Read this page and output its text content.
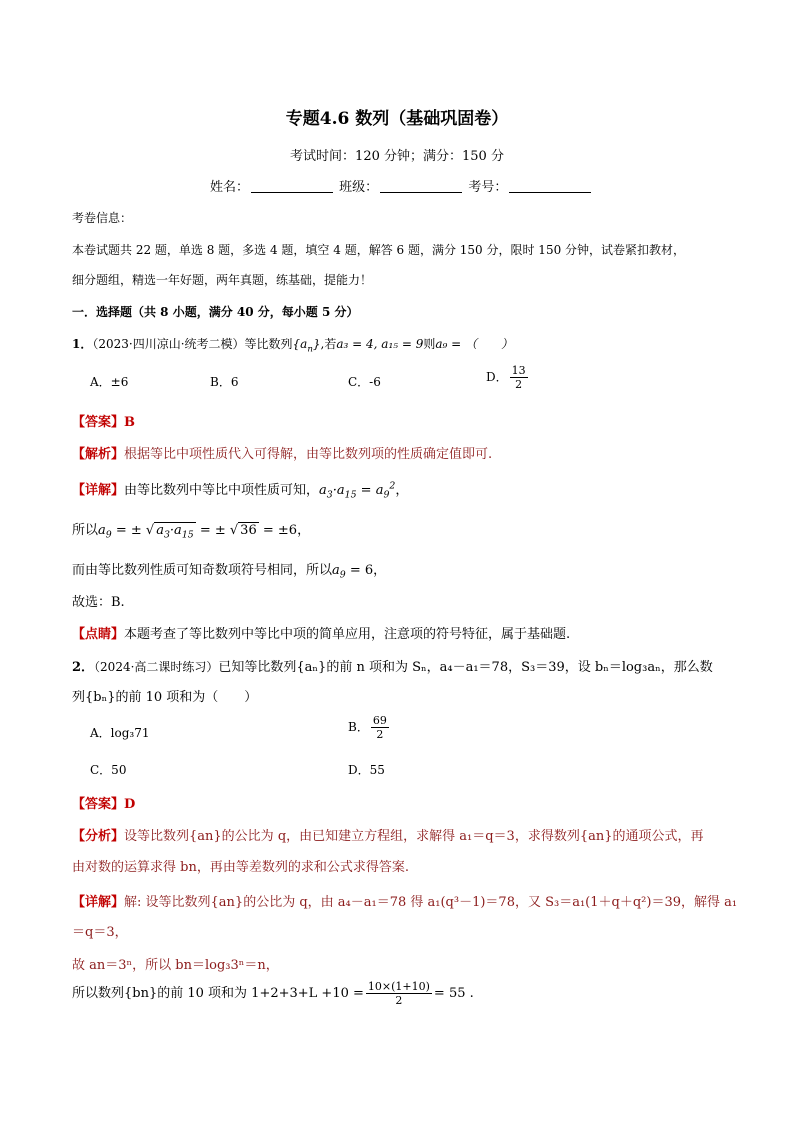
专题4.6 数列（基础巩固卷）
考试时间：120 分钟；满分：150 分
姓名：	班级：	考号：
考卷信息：
本卷试题共 22 题，单选 8 题，多选 4 题，填空 4 题，解答 6 题，满分 150 分，限时 150 分钟，试卷紧扣教材，
细分题组，精选一年好题，两年真题，练基础，提能力！
一．选择题（共 8 小题，满分 40 分，每小题 5 分）
1．（2023·四川凉山·统考二模）等比数列$\{a_n\}$,若a₃ = 4, a₁₅ = 9则a₉ = （　　）
A．±6	B．6	C．-6	D． $\frac{13}{2}$
【答案】B
【解析】根据等比中项性质代入可得解，由等比数列项的性质确定值即可.
【详解】由等比数列中等比中项性质可知，$a_3\cdot a_{15} = a_9^2$，
所以$a_9$ = ± √ $a_3\cdot a_{15}$ = ± √ 36 = ±6，
而由等比数列性质可知奇数项符号相同，所以$a_9 = 6$，
故选：B.
【点睛】本题考查了等比数列中等比中项的简单应用，注意项的符号特征，属于基础题.
2．（2024·高二课时练习）已知等比数列{aₙ}的前 n 项和为 Sₙ，a₄－a₁＝78，S₃＝39，设 bₙ＝log₃aₙ，那么数
列{bₙ}的前 10 项和为（　　）
A．log₃71	B． $\frac{69}{2}$
C．50	D．55
【答案】D
【分析】设等比数列{an}的公比为 q，由已知建立方程组，求解得 a₁＝q＝3，求得数列{an}的通项公式，再
由对数的运算求得 bn，再由等差数列的求和公式求得答案.
【详解】解: 设等比数列{an}的公比为 q，由 a₄－a₁＝78 得 a₁(q³－1)＝78，又 S₃＝a₁(1＋q＋q²)＝39，解得 a₁
＝q＝3，
故 an＝3ⁿ，所以 bn＝log₃3ⁿ＝n，
所以数列{bn}的前 10 项和为 $1+2+3+L +10 = \frac{10\times(1+10)}{2} = 55$ .
